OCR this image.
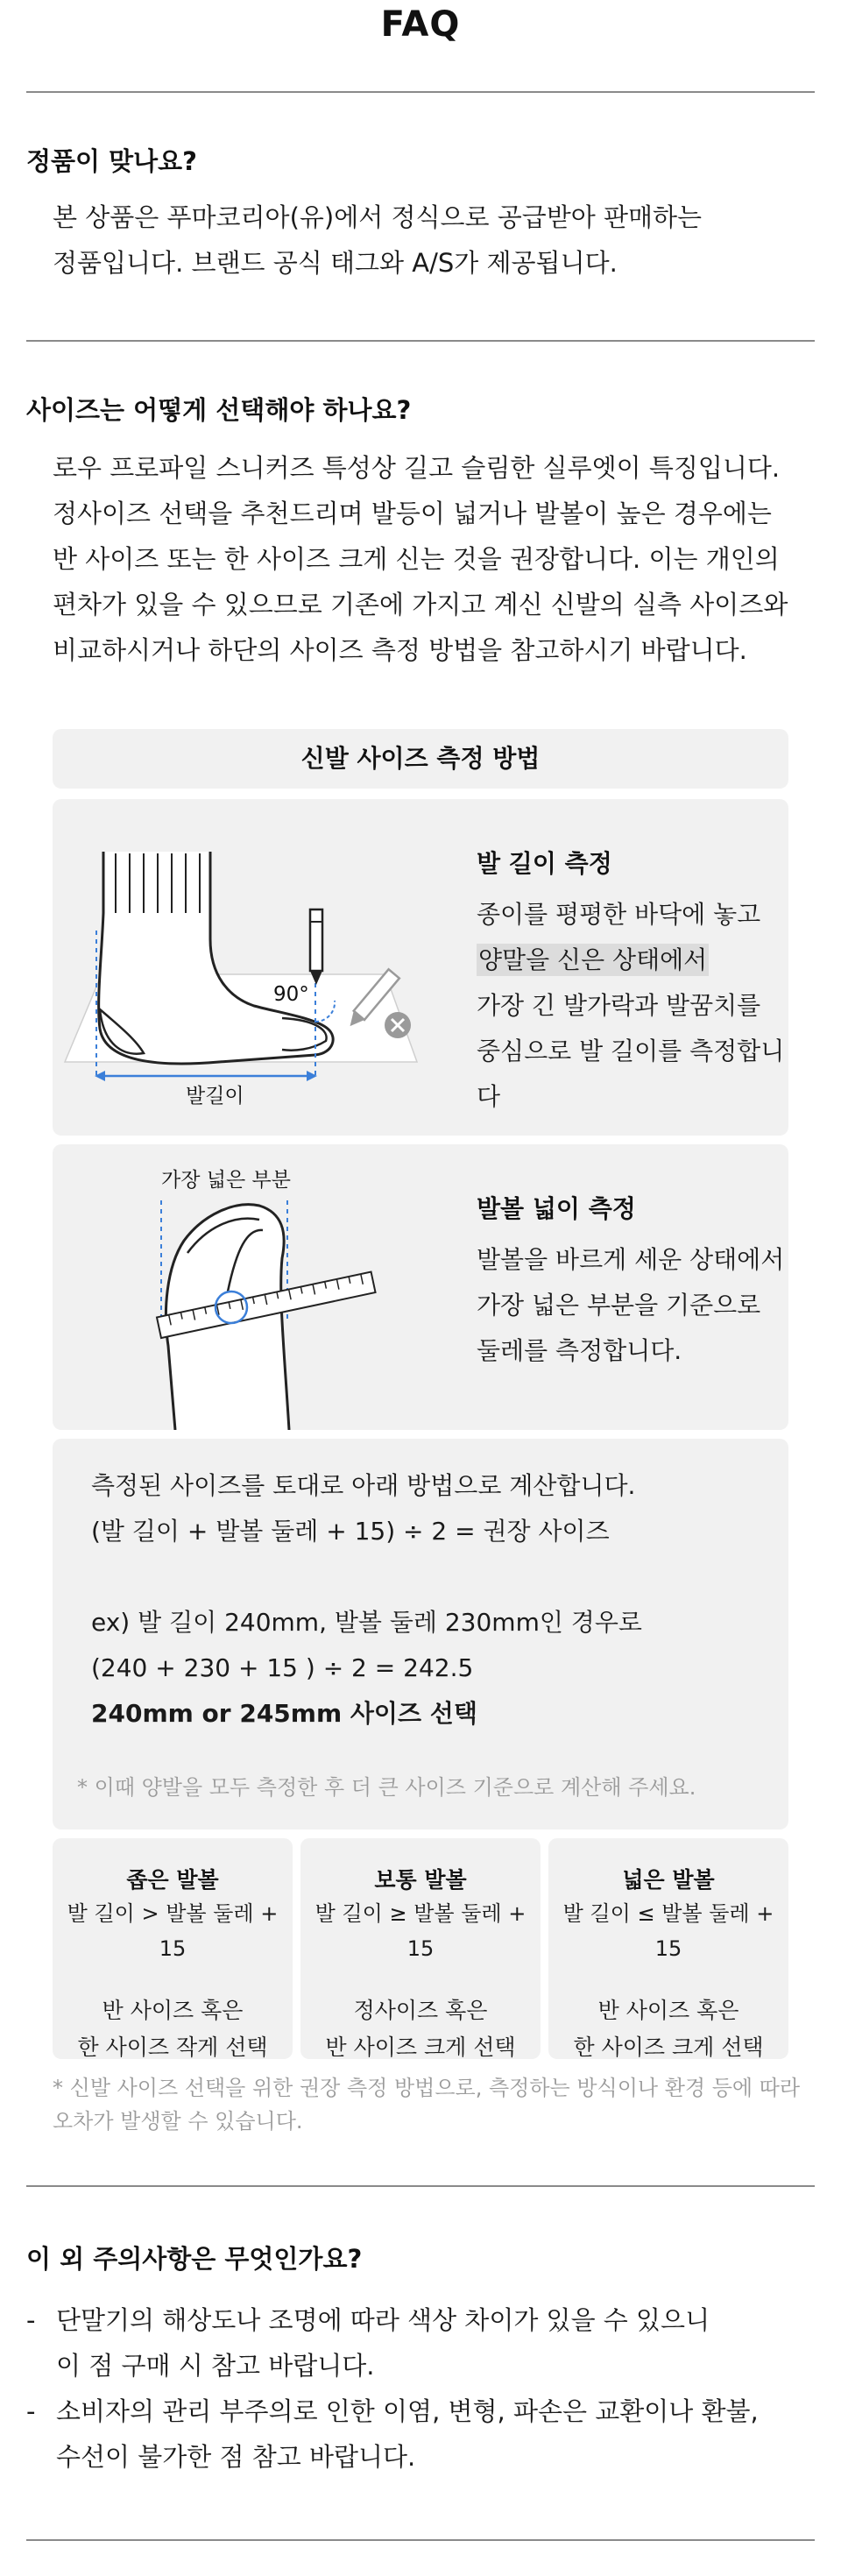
FAQ
정품이 맞나요?
본 상품은 푸마코리아(유)에서 정식으로 공급받아 판매하는
정품입니다. 브랜드 공식 태그와 A/S가 제공됩니다.
사이즈는 어떻게 선택해야 하나요?
로우 프로파일 스니커즈 특성상 길고 슬림한 실루엣이 특징입니다.
정사이즈 선택을 추천드리며 발등이 넓거나 발볼이 높은 경우에는
반 사이즈 또는 한 사이즈 크게 신는 것을 권장합니다. 이는 개인의
편차가 있을 수 있으므로 기존에 가지고 계신 신발의 실측 사이즈와
비교하시거나 하단의 사이즈 측정 방법을 참고하시기 바랍니다.
신발 사이즈 측정 방법
90°
발길이
발 길이 측정
종이를 평평한 바닥에 놓고
양말을 신은 상태에서
가장 긴 발가락과 발꿈치를
중심으로 발 길이를 측정합니다
가장 넓은 부분
발볼 넓이 측정
발볼을 바르게 세운 상태에서
가장 넓은 부분을 기준으로
둘레를 측정합니다.
측정된 사이즈를 토대로 아래 방법으로 계산합니다.
(발 길이 + 발볼 둘레 + 15) ÷ 2 = 권장 사이즈
ex) 발 길이 240mm, 발볼 둘레 230mm인 경우로
(240 + 230 + 15 ) ÷ 2 = 242.5
240mm or 245mm 사이즈 선택
* 이때 양발을 모두 측정한 후 더 큰 사이즈 기준으로 계산해 주세요.
좁은 발볼
발 길이 > 발볼 둘레 + 15
반 사이즈 혹은
한 사이즈 작게 선택
보통 발볼
발 길이 ≥ 발볼 둘레 + 15
정사이즈 혹은
반 사이즈 크게 선택
넓은 발볼
발 길이 ≤ 발볼 둘레 + 15
반 사이즈 혹은
한 사이즈 크게 선택
* 신발 사이즈 선택을 위한 권장 측정 방법으로, 측정하는 방식이나 환경 등에 따라
오차가 발생할 수 있습니다.
이 외 주의사항은 무엇인가요?
- 단말기의 해상도나 조명에 따라 색상 차이가 있을 수 있으니
이 점 구매 시 참고 바랍니다.
- 소비자의 관리 부주의로 인한 이염, 변형, 파손은 교환이나 환불,
수선이 불가한 점 참고 바랍니다.
